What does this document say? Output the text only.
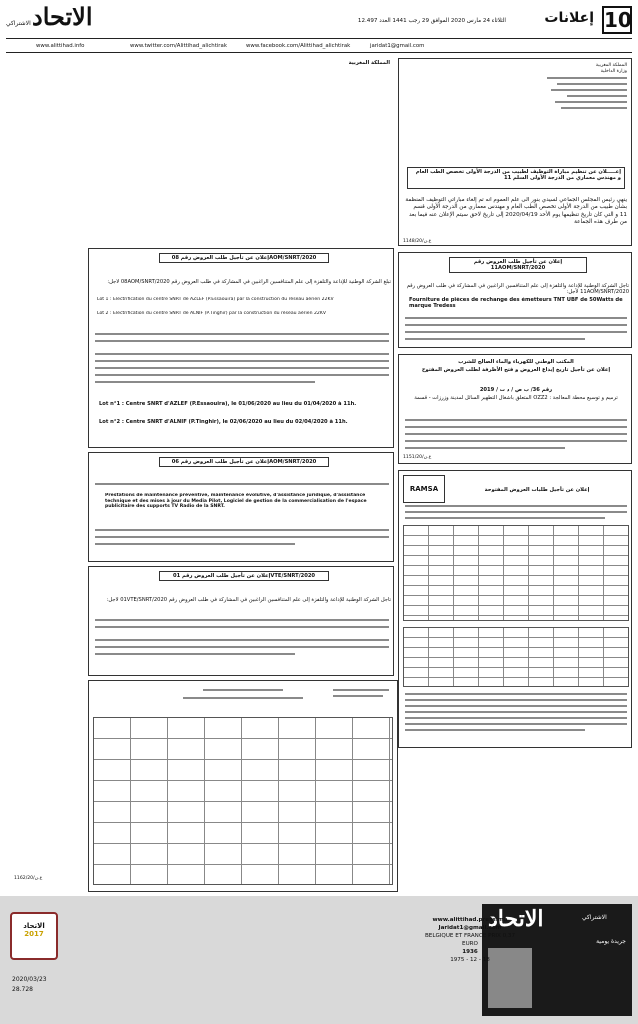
10
إعلانات
الثلاثاء 24 مارس 2020 الموافق 29 رجب 1441 العدد 12.497
الاتحاد
الاشتراكي
www.alittihad.info	www.twitter.com/Alittihad_alichtirak	www.facebook.com/Alittihad_alichtirak	jaridat1@gmail.com
المملكة المغربية
وزارة الداخلية
إعـــــلان عن تنظيم مباراة التوظيف لطبيب من الدرجة الأولى تخصص الطب العام و مهندس معماري من الدرجة الأولى السلم 11
ينهي رئيس المجلس الجماعي لسيدي بنور الى علم العموم أنه تم إلغاء مباراتي التوظيف المنظمة بشأن طبيب من الدرجة الأولى تخصص الطب العام و مهندس معماري من الدرجة الأولى قسم 11 و التي كان تاريخ تنظيمها يوم الأحد 2020/04/19 إلى تاريخ لاحق سيتم الإعلان عنه فيما بعد من طرف هذه الجماعة
ع.ن/1148/20
إعلان عن تأجيل طلب العروض رقم 11AOM/SNRT/2020
تأجل الشركة الوطنية للإذاعة والتلفزة إلى علم المتنافسين الراغبين في المشاركة في طلب العروض رقم 11AOM/SNRT/2020 لأجل:
Fourniture de pièces de rechange des émetteurs TNT UBF de 50Watts de marque Tredess
المكتب الوطني للكهرباء والماء الصالح للشرب
إعلان عن تأجيل تاريخ إيداع العروض و فتح الأظرفة لطلب العروض المفتوح
رقم 36/ ب ص / د ت / 2019
المتعلق بأشغال التطهير السائل لمدينة وزرزات - قسمة OZZ2 : ترميم و توسيع محطة المعالجة
ع.ن/1151/20
RAMSA	إعلان عن تأجيل طلبات العروض المفتوحة
إعلان عن تأجيل طلب العروض رقم 08AOM/SNRT/2020
تبلغ الشركة الوطنية للإذاعة والتلفزة إلى علم المتنافسين الراغبين في المشاركة في طلب العروض رقم 08AOM/SNRT/2020 لأجل:
Lot 1 : Electrification du centre SNRT de AZLEF (P.Essaouira) par la construction du réseau aérien 22KV
Lot 2 : Electrification du centre SNRT de ALNIF (P.Tinghir) par la construction du réseau aérien 22KV
Lot n°1 : Centre SNRT d'AZLEF (P.Essaouira), le 01/06/2020 au lieu du 01/04/2020 à 11h.
Lot n°2 : Centre SNRT d'ALNIF (P.Tinghir), le 02/06/2020 au lieu du 02/04/2020 à 11h.
إعلان عن تأجيل طلب العروض رقم 06AOM/SNRT/2020
Prestations de maintenance préventive, maintenance évolutive, d'assistance juridique, d'assistance technique et des mises à jour du Media Pilot, Logiciel de gestion de la commercialisation de l'espace publicitaire des supports TV Radio de la SNRT.
إعلان عن تأجيل طلب العروض رقم 01VTE/SNRT/2020
تأجل الشركة الوطنية للإذاعة والتلفزة إلى علم المتنافسين الراغبين في المشاركة في طلب العروض رقم 01VTE/SNRT/2020 لأجل:
المملكة المغربية
ع.ن/1162/20
الاتحاد	الاشتراكي
جريدة يومية
www.alittihad.press.ma
Jaridat1@gmail.com
BELGIQUE ET FRANCE PRIX 0,37 EURO
1936
1975 - 12 - 18
الاتحاد
2017
2020/03/23
28.728
